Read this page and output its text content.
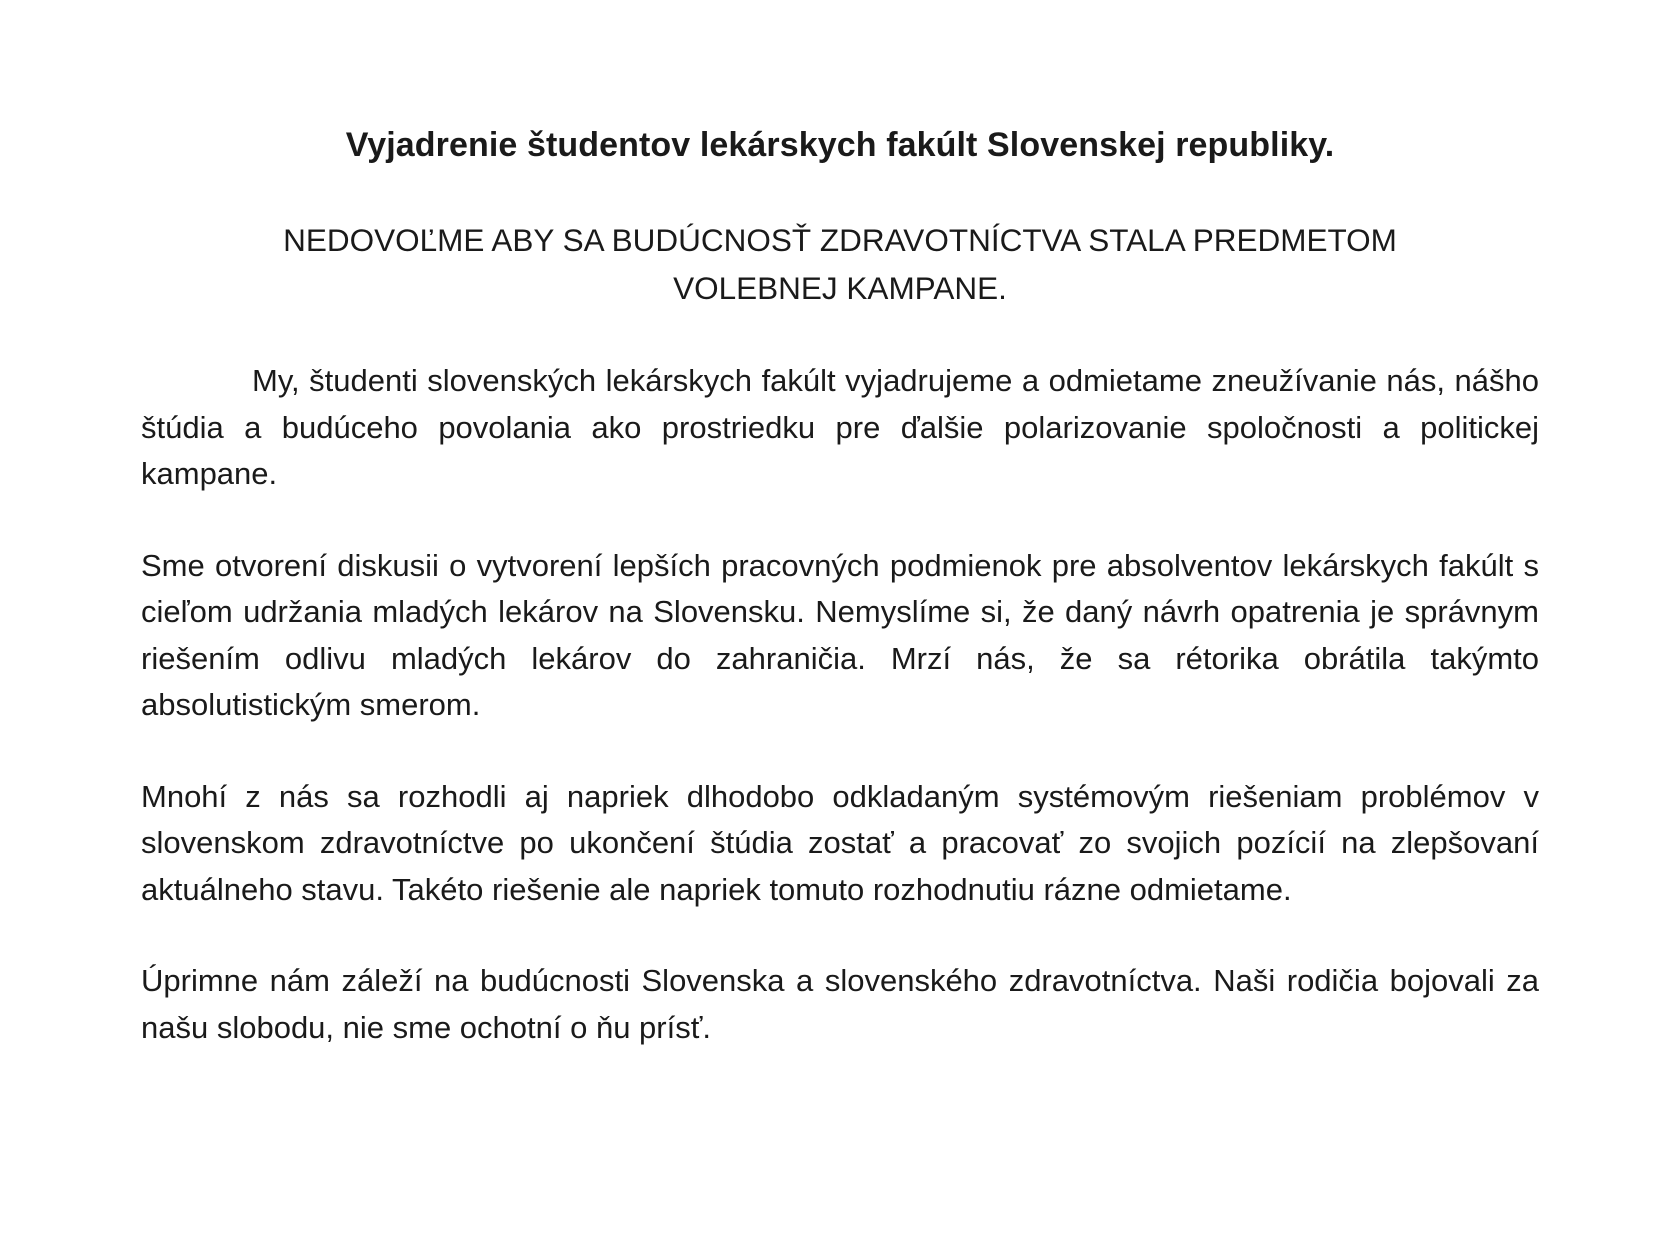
Vyjadrenie študentov lekárskych fakúlt Slovenskej republiky.
NEDOVOĽME ABY SA BUDÚCNOSŤ ZDRAVOTNÍCTVA STALA PREDMETOM VOLEBNEJ KAMPANE.

My, študenti slovenských lekárskych fakúlt vyjadrujeme a odmietame zneužívanie nás, nášho štúdia a budúceho povolania ako prostriedku pre ďalšie polarizovanie spoločnosti a politickej kampane.

Sme otvorení diskusii o vytvorení lepších pracovných podmienok pre absolventov lekárskych fakúlt s cieľom udržania mladých lekárov na Slovensku. Nemyslíme si, že daný návrh opatrenia je správnym riešením odlivu mladých lekárov do zahraničia. Mrzí nás, že sa rétorika obrátila takýmto absolutistickým smerom.

Mnohí z nás sa rozhodli aj napriek dlhodobo odkladaným systémovým riešeniam problémov v slovenskom zdravotníctve po ukončení štúdia zostať a pracovať zo svojich pozícií na zlepšovaní aktuálneho stavu. Takéto riešenie ale napriek tomuto rozhodnutiu rázne odmietame.

Úprimne nám záleží na budúcnosti Slovenska a slovenského zdravotníctva. Naši rodičia bojovali za našu slobodu, nie sme ochotní o ňu prísť.
